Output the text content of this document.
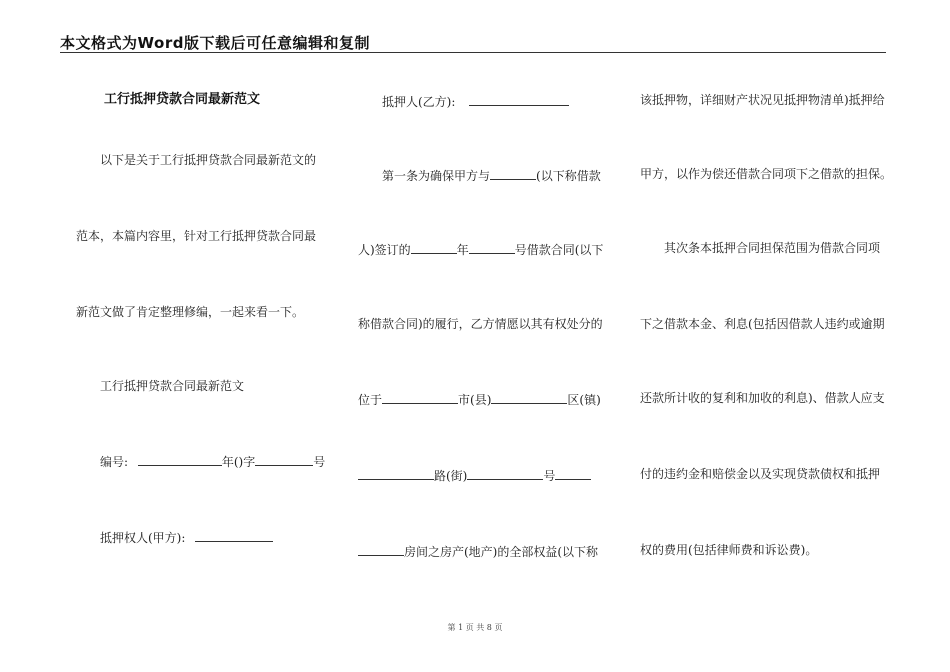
本文格式为Word版下载后可任意编辑和复制
工行抵押贷款合同最新范文
以下是关于工行抵押贷款合同最新范文的
范本，本篇内容里，针对工行抵押贷款合同最
新范文做了肯定整理修编，一起来看一下。
工行抵押贷款合同最新范文
编号:	年()字	号
抵押权人(甲方):
抵押人(乙方):
第一条为确保甲方与	(以下称借款
人)签订的	年	号借款合同(以下
称借款合同)的履行，乙方情愿以其有权处分的
位于	市(县)	区(镇)
路(街)	号
房间之房产(地产)的全部权益(以下称
该抵押物，详细财产状况见抵押物清单)抵押给
甲方，以作为偿还借款合同项下之借款的担保。
其次条本抵押合同担保范围为借款合同项
下之借款本金、利息(包括因借款人违约或逾期
还款所计收的复利和加收的利息)、借款人应支
付的违约金和赔偿金以及实现贷款债权和抵押
权的费用(包括律师费和诉讼费)。
第 1 页 共 8 页
